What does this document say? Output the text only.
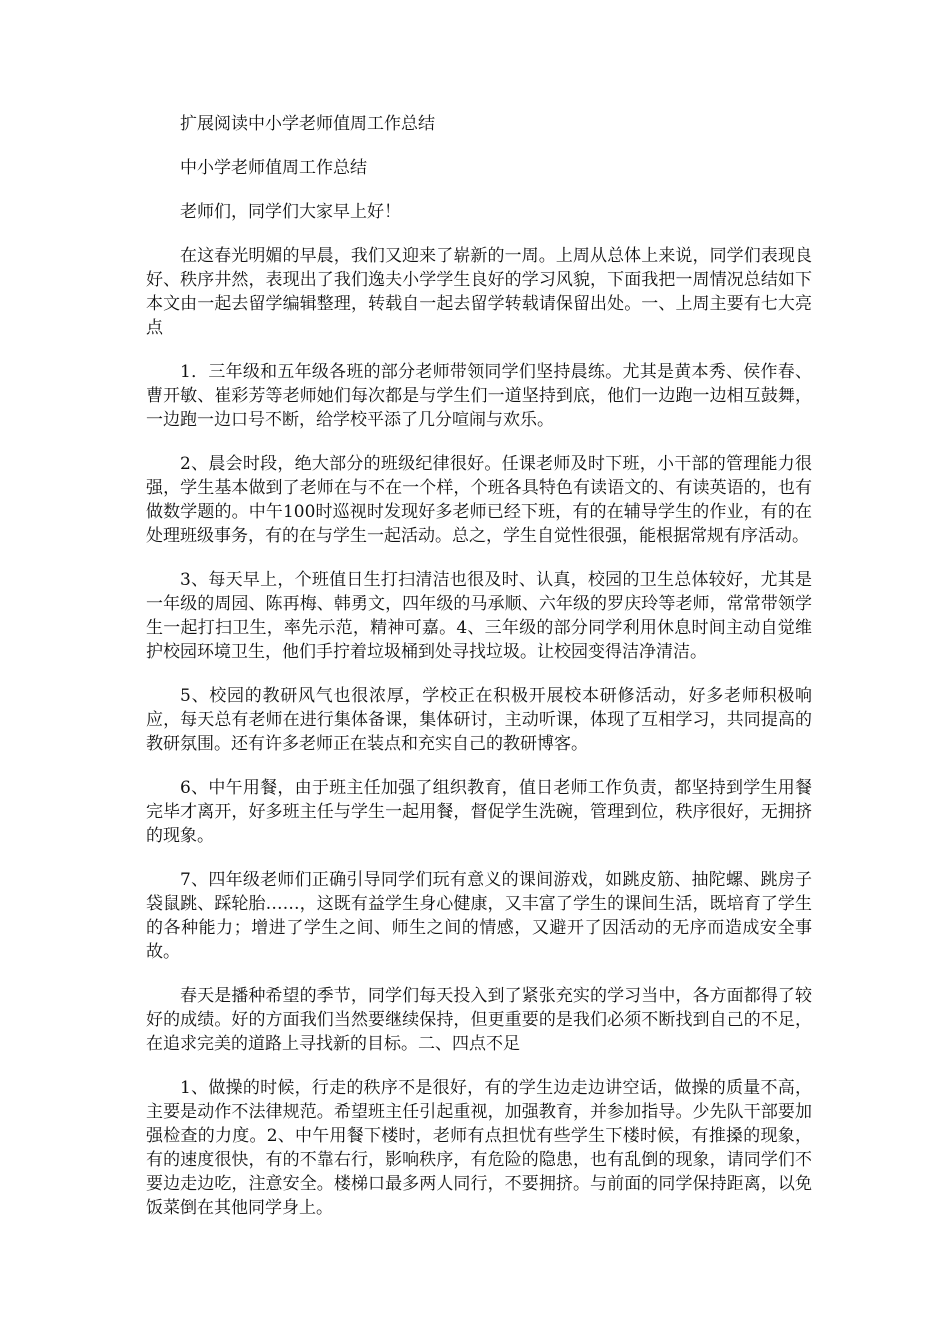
扩展阅读中小学老师值周工作总结

中小学老师值周工作总结

老师们，同学们大家早上好！

在这春光明媚的早晨，我们又迎来了崭新的一周。上周从总体上来说，同学们表现良好、秩序井然，表现出了我们逸夫小学学生良好的学习风貌，下面我把一周情况总结如下本文由一起去留学编辑整理，转载自一起去留学转载请保留出处。一、上周主要有七大亮点

1．三年级和五年级各班的部分老师带领同学们坚持晨练。尤其是黄本秀、侯作春、曹开敏、崔彩芳等老师她们每次都是与学生们一道坚持到底，他们一边跑一边相互鼓舞，一边跑一边口号不断，给学校平添了几分喧闹与欢乐。

2、晨会时段，绝大部分的班级纪律很好。任课老师及时下班，小干部的管理能力很强，学生基本做到了老师在与不在一个样，个班各具特色有读语文的、有读英语的，也有做数学题的。中午100时巡视时发现好多老师已经下班，有的在辅导学生的作业，有的在处理班级事务，有的在与学生一起活动。总之，学生自觉性很强，能根据常规有序活动。

3、每天早上，个班值日生打扫清洁也很及时、认真，校园的卫生总体较好，尤其是一年级的周园、陈再梅、韩勇文，四年级的马承顺、六年级的罗庆玲等老师，常常带领学生一起打扫卫生，率先示范，精神可嘉。4、三年级的部分同学利用休息时间主动自觉维护校园环境卫生，他们手拧着垃圾桶到处寻找垃圾。让校园变得洁净清洁。

5、校园的教研风气也很浓厚，学校正在积极开展校本研修活动，好多老师积极响应，每天总有老师在进行集体备课，集体研讨，主动听课，体现了互相学习，共同提高的教研氛围。还有许多老师正在装点和充实自己的教研博客。

6、中午用餐，由于班主任加强了组织教育，值日老师工作负责，都坚持到学生用餐完毕才离开，好多班主任与学生一起用餐，督促学生洗碗，管理到位，秩序很好，无拥挤的现象。

7、四年级老师们正确引导同学们玩有意义的课间游戏，如跳皮筋、抽陀螺、跳房子袋鼠跳、踩轮胎……，这既有益学生身心健康，又丰富了学生的课间生活，既培育了学生的各种能力；增进了学生之间、师生之间的情感，又避开了因活动的无序而造成安全事故。

春天是播种希望的季节，同学们每天投入到了紧张充实的学习当中，各方面都得了较好的成绩。好的方面我们当然要继续保持，但更重要的是我们必须不断找到自己的不足，在追求完美的道路上寻找新的目标。二、四点不足

1、做操的时候，行走的秩序不是很好，有的学生边走边讲空话，做操的质量不高，主要是动作不法律规范。希望班主任引起重视，加强教育，并参加指导。少先队干部要加强检查的力度。2、中午用餐下楼时，老师有点担忧有些学生下楼时候，有推搡的现象，有的速度很快，有的不靠右行，影响秩序，有危险的隐患，也有乱倒的现象，请同学们不要边走边吃，注意安全。楼梯口最多两人同行，不要拥挤。与前面的同学保持距离，以免饭菜倒在其他同学身上。
